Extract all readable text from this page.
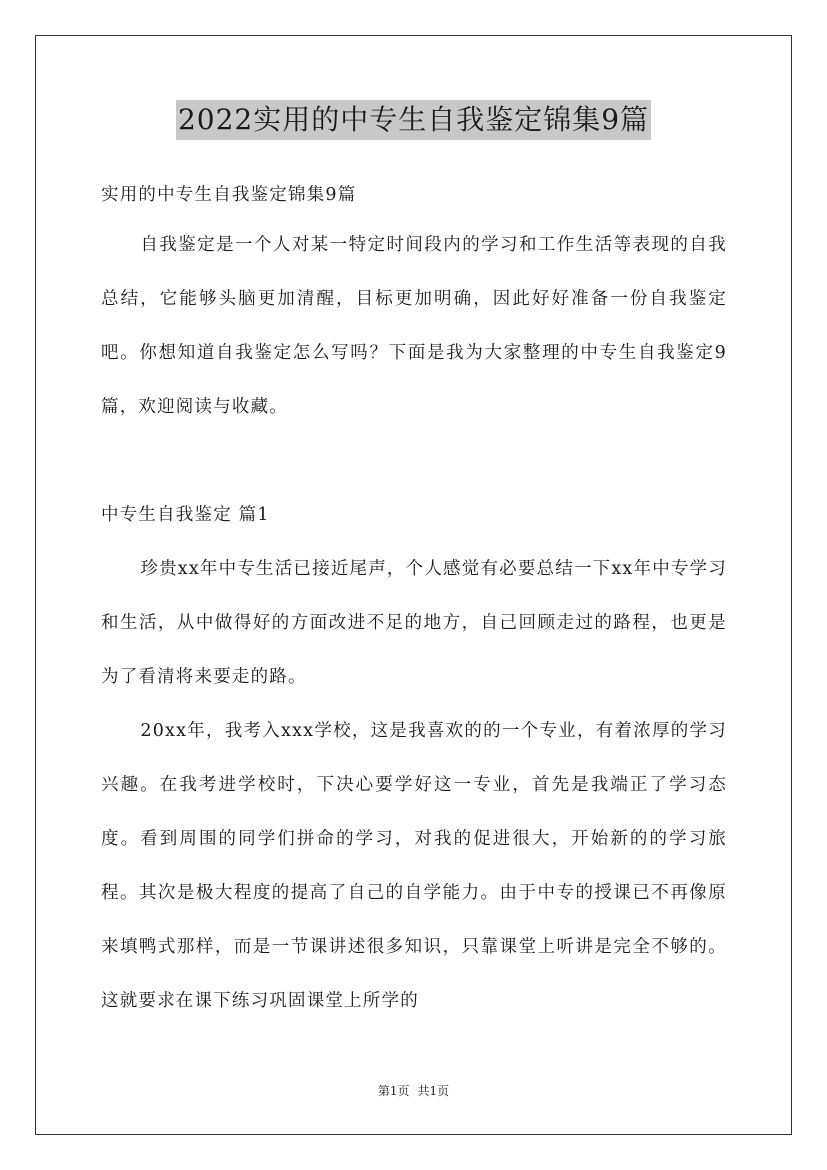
2022实用的中专生自我鉴定锦集9篇

实用的中专生自我鉴定锦集9篇

自我鉴定是一个人对某一特定时间段内的学习和工作生活等表现的自我总结，它能够头脑更加清醒，目标更加明确，因此好好准备一份自我鉴定吧。你想知道自我鉴定怎么写吗？下面是我为大家整理的中专生自我鉴定9篇，欢迎阅读与收藏。

中专生自我鉴定 篇1

珍贵xx年中专生活已接近尾声，个人感觉有必要总结一下xx年中专学习和生活，从中做得好的方面改进不足的地方，自己回顾走过的路程，也更是为了看清将来要走的路。

20xx年，我考入xxx学校，这是我喜欢的的一个专业，有着浓厚的学习兴趣。在我考进学校时，下决心要学好这一专业，首先是我端正了学习态度。看到周围的同学们拼命的学习，对我的促进很大，开始新的的学习旅程。其次是极大程度的提高了自己的自学能力。由于中专的授课已不再像原来填鸭式那样，而是一节课讲述很多知识，只靠课堂上听讲是完全不够的。这就要求在课下练习巩固课堂上所学的

第1页 共1页
